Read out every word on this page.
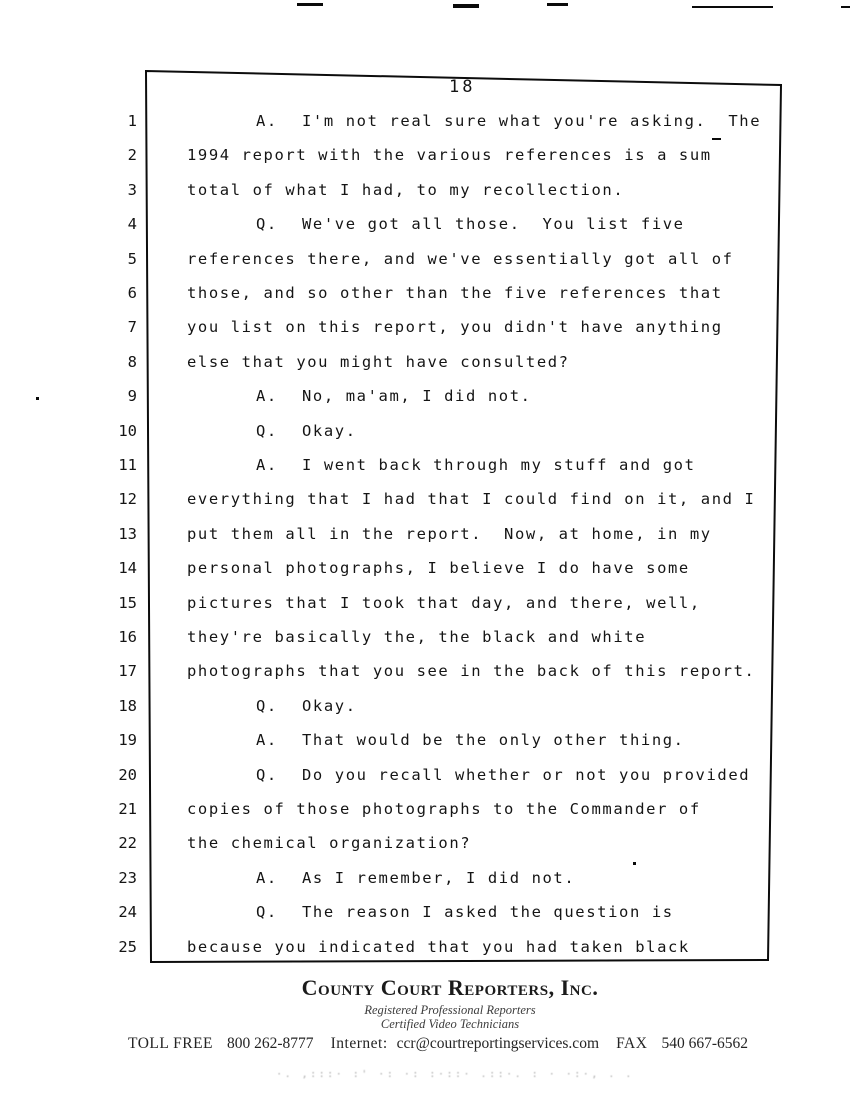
18
1	A. I'm not real sure what you're asking.  The
2	1994 report with the various references is a sum
3	total of what I had, to my recollection.
4	Q. We've got all those.  You list five
5	references there, and we've essentially got all of
6	those, and so other than the five references that
7	you list on this report, you didn't have anything
8	else that you might have consulted?
9	A. No, ma'am, I did not.
10	Q. Okay.
11	A. I went back through my stuff and got
12	everything that I had that I could find on it, and I
13	put them all in the report.  Now, at home, in my
14	personal photographs, I believe I do have some
15	pictures that I took that day, and there, well,
16	they're basically the, the black and white
17	photographs that you see in the back of this report.
18	Q. Okay.
19	A. That would be the only other thing.
20	Q. Do you recall whether or not you provided
21	copies of those photographs to the Commander of
22	the chemical organization?
23	A. As I remember, I did not.
24	Q. The reason I asked the question is
25	because you indicated that you had taken black
County Court Reporters, Inc.
Registered Professional Reporters
Certified Video Technicians
TOLL FREE 800 262-8777 Internet: ccr@courtreportingservices.com FAX 540 667-6562
·. ,:::· :' ·: ·: :·::· .::·. : · ·:·, . .
